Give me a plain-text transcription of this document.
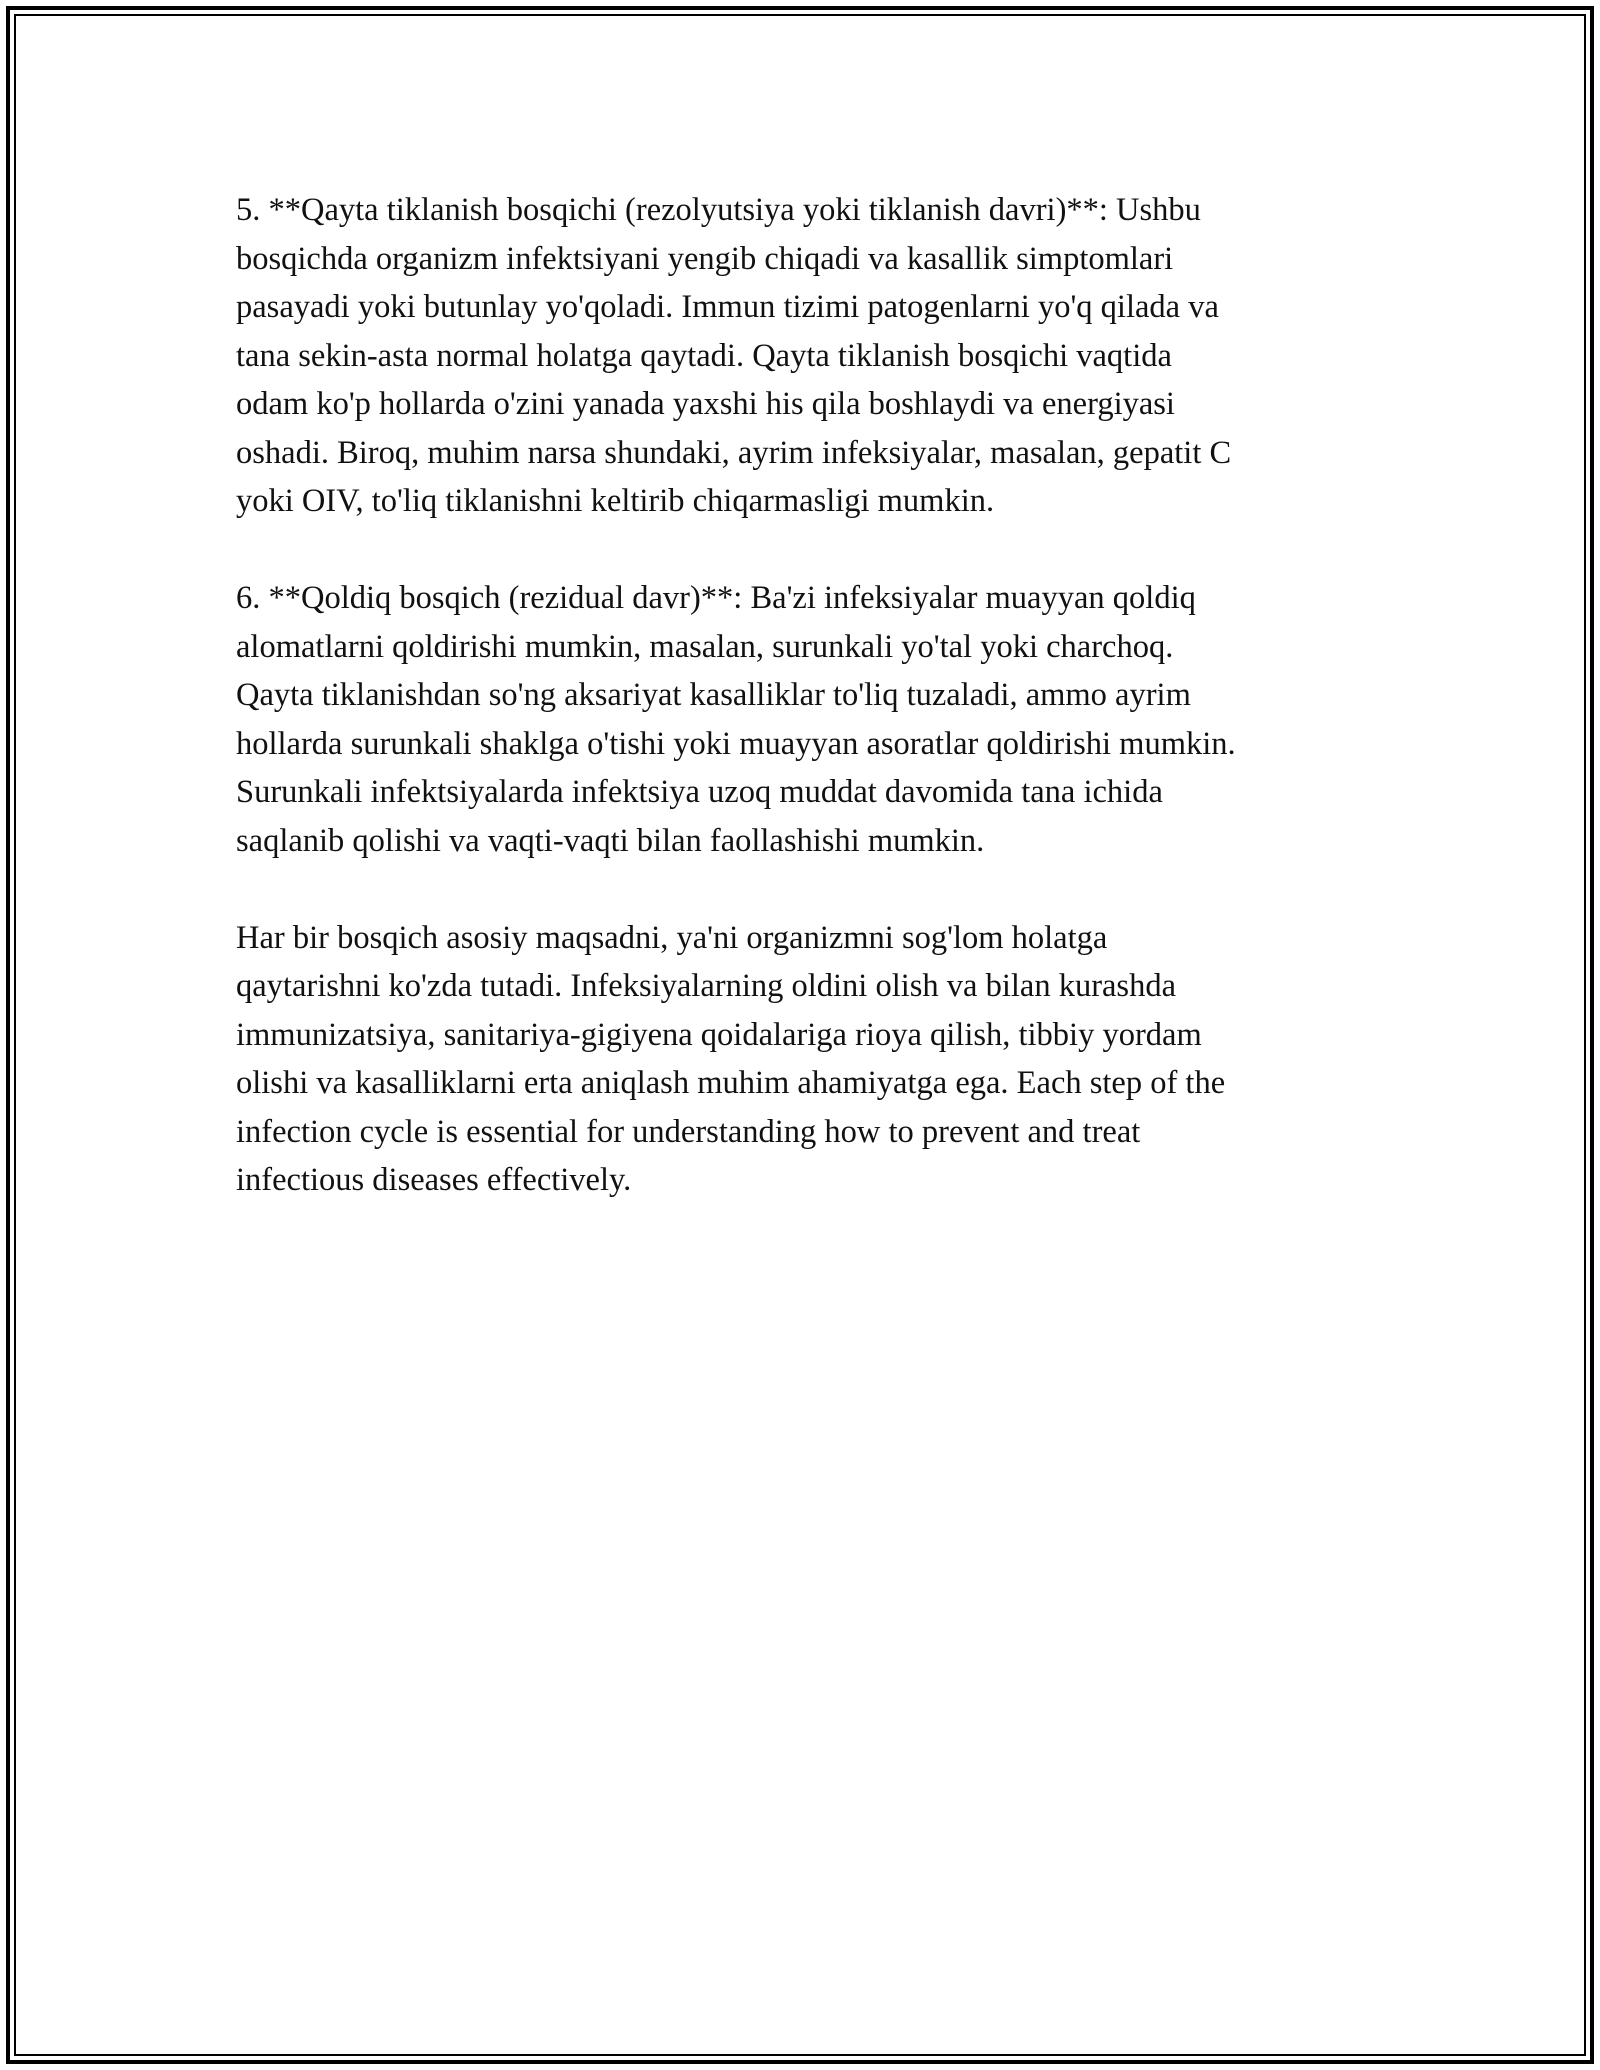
5. **Qayta tiklanish bosqichi (rezolyutsiya yoki tiklanish davri)**: Ushbu
bosqichda organizm infektsiyani yengib chiqadi va kasallik simptomlari
pasayadi yoki butunlay yo'qoladi. Immun tizimi patogenlarni yo'q qilada va
tana sekin-asta normal holatga qaytadi. Qayta tiklanish bosqichi vaqtida
odam ko'p hollarda o'zini yanada yaxshi his qila boshlaydi va energiyasi
oshadi. Biroq, muhim narsa shundaki, ayrim infeksiyalar, masalan, gepatit C
yoki OIV, to'liq tiklanishni keltirib chiqarmasligi mumkin.

6. **Qoldiq bosqich (rezidual davr)**: Ba'zi infeksiyalar muayyan qoldiq
alomatlarni qoldirishi mumkin, masalan, surunkali yo'tal yoki charchoq.
Qayta tiklanishdan so'ng aksariyat kasalliklar to'liq tuzaladi, ammo ayrim
hollarda surunkali shaklga o'tishi yoki muayyan asoratlar qoldirishi mumkin.
Surunkali infektsiyalarda infektsiya uzoq muddat davomida tana ichida
saqlanib qolishi va vaqti-vaqti bilan faollashishi mumkin.

Har bir bosqich asosiy maqsadni, ya'ni organizmni sog'lom holatga
qaytarishni ko'zda tutadi. Infeksiyalarning oldini olish va bilan kurashda
immunizatsiya, sanitariya-gigiyena qoidalariga rioya qilish, tibbiy yordam
olishi va kasalliklarni erta aniqlash muhim ahamiyatga ega. Each step of the
infection cycle is essential for understanding how to prevent and treat
infectious diseases effectively.
